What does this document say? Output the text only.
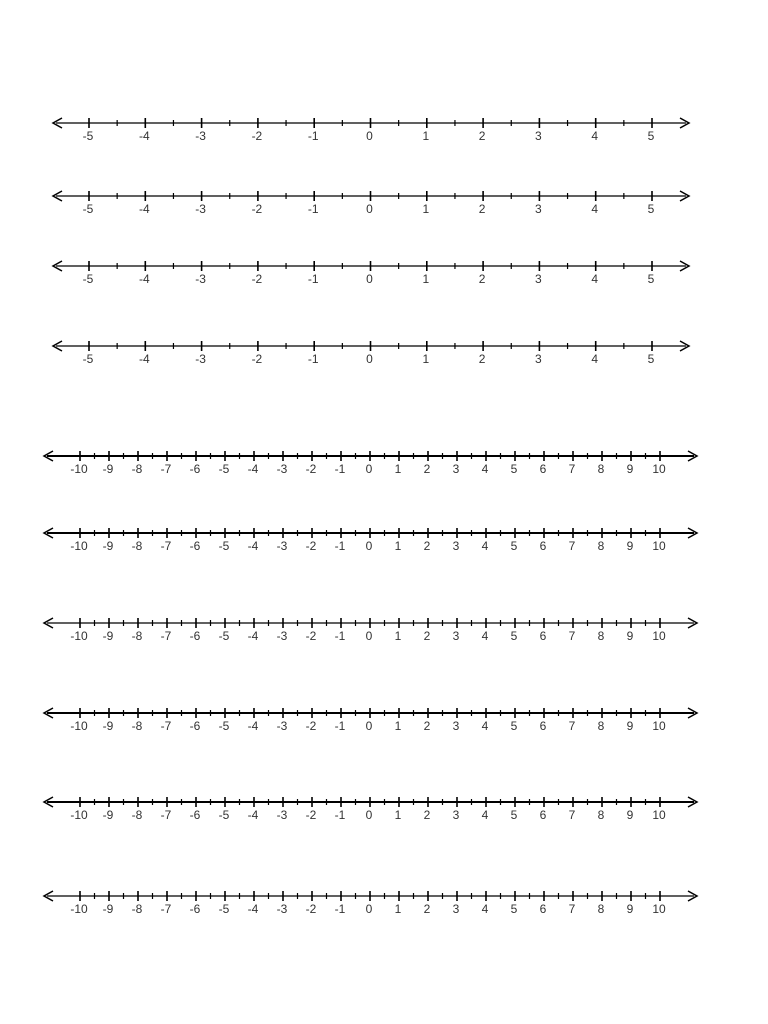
-5	-4	-3	-2	-1	0	1	2	3	4	5
-5	-4	-3	-2	-1	0	1	2	3	4	5
-5	-4	-3	-2	-1	0	1	2	3	4	5
-5	-4	-3	-2	-1	0	1	2	3	4	5
-10 -9 -8 -7 -6 -5 -4 -3 -2 -1 0 1 2 3 4 5 6 7 8 9 10
-10 -9 -8 -7 -6 -5 -4 -3 -2 -1 0 1 2 3 4 5 6 7 8 9 10
-10 -9 -8 -7 -6 -5 -4 -3 -2 -1 0 1 2 3 4 5 6 7 8 9 10
-10 -9 -8 -7 -6 -5 -4 -3 -2 -1 0 1 2 3 4 5 6 7 8 9 10
-10 -9 -8 -7 -6 -5 -4 -3 -2 -1 0 1 2 3 4 5 6 7 8 9 10
-10 -9 -8 -7 -6 -5 -4 -3 -2 -1 0 1 2 3 4 5 6 7 8 9 10
